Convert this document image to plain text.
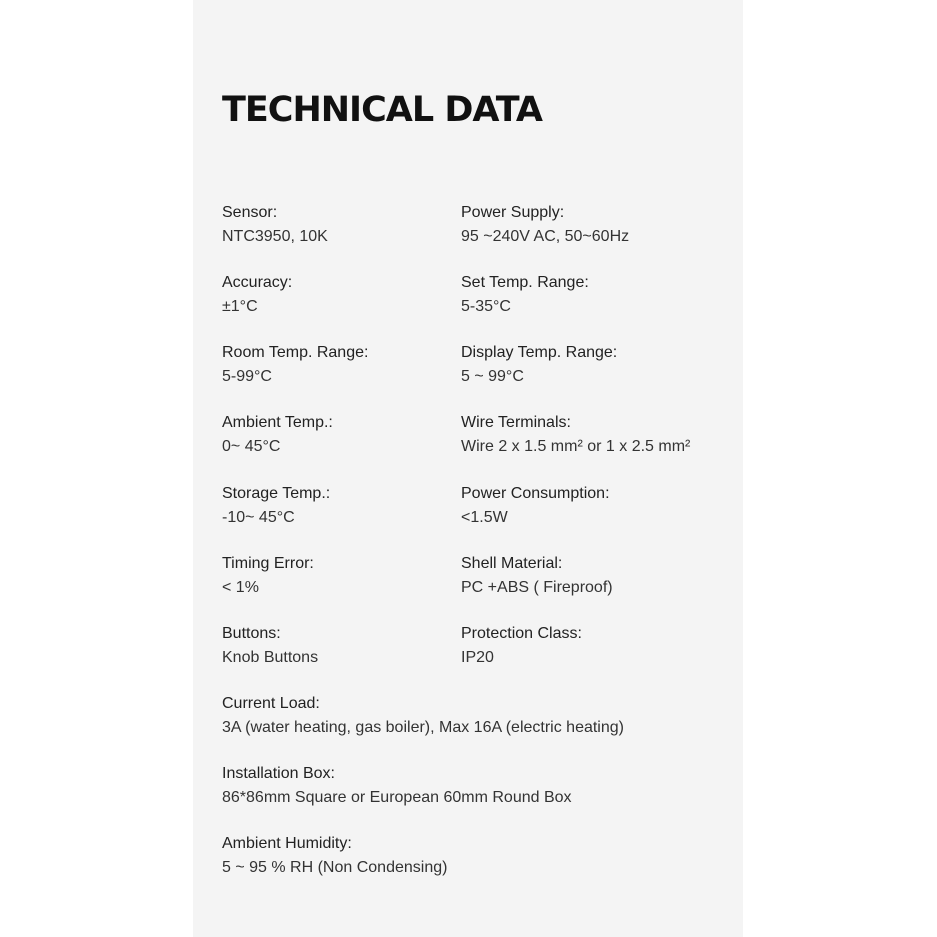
TECHNICAL DATA
Sensor:
NTC3950, 10K
Power Supply:
95 ~240V AC, 50~60Hz
Accuracy:
±1°C
Set Temp. Range:
5-35°C
Room Temp. Range:
5-99°C
Display Temp. Range:
5 ~ 99°C
Ambient Temp.:
0~ 45°C
Wire Terminals:
Wire 2 x 1.5 mm² or 1 x 2.5 mm²
Storage Temp.:
-10~ 45°C
Power Consumption:
<1.5W
Timing Error:
< 1%
Shell Material:
PC +ABS ( Fireproof)
Buttons:
Knob Buttons
Protection Class:
IP20
Current Load:
3A (water heating, gas boiler), Max 16A (electric heating)
Installation Box:
86*86mm Square or European 60mm Round Box
Ambient Humidity:
5 ~ 95 % RH (Non Condensing)
